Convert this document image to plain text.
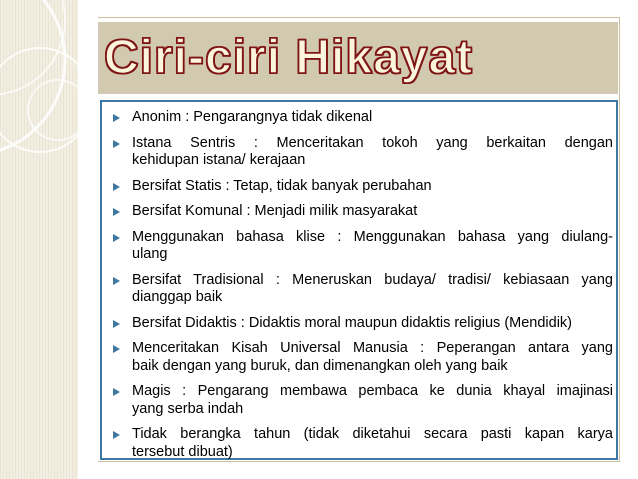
Ciri-ciri Hikayat
Anonim : Pengarangnya tidak dikenal
Istana Sentris : Menceritakan tokoh yang berkaitan dengan
kehidupan istana/ kerajaan
Bersifat Statis : Tetap, tidak banyak perubahan
Bersifat Komunal : Menjadi milik masyarakat
Menggunakan bahasa klise : Menggunakan bahasa yang diulang-
ulang
Bersifat Tradisional : Meneruskan budaya/ tradisi/ kebiasaan yang
dianggap baik
Bersifat Didaktis : Didaktis moral maupun didaktis religius (Mendidik)
Menceritakan Kisah Universal Manusia : Peperangan antara yang
baik dengan yang buruk, dan dimenangkan oleh yang baik
Magis : Pengarang membawa pembaca ke dunia khayal imajinasi
yang serba indah
Tidak berangka tahun (tidak diketahui secara pasti kapan karya
tersebut dibuat)
